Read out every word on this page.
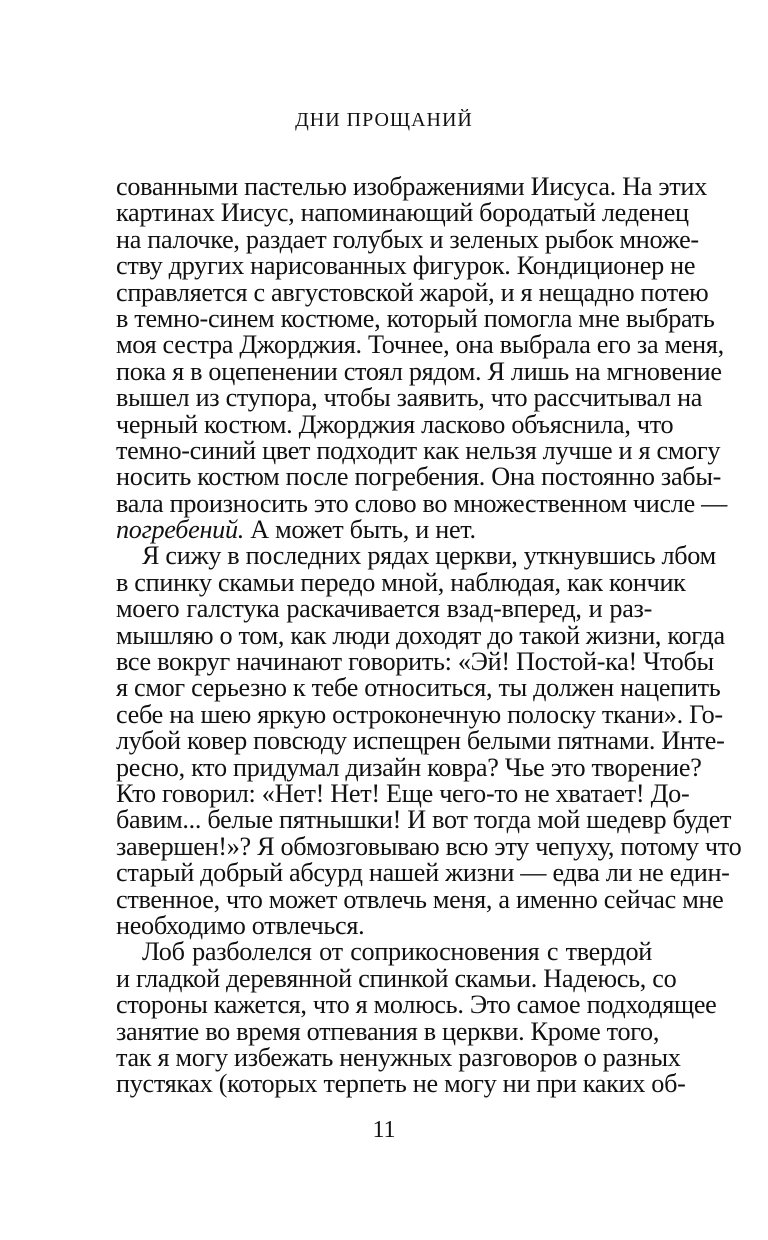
ДНИ ПРОЩАНИЙ
сованными пастелью изображениями Иисуса. На этих
картинах Иисус, напоминающий бородатый леденец
на палочке, раздает голубых и зеленых рыбок множе-
ству других нарисованных фигурок. Кондиционер не
справляется с августовской жарой, и я нещадно потею
в темно-синем костюме, который помогла мне выбрать
моя сестра Джорджия. Точнее, она выбрала его за меня,
пока я в оцепенении стоял рядом. Я лишь на мгновение
вышел из ступора, чтобы заявить, что рассчитывал на
черный костюм. Джорджия ласково объяснила, что
темно-синий цвет подходит как нельзя лучше и я смогу
носить костюм после погребения. Она постоянно забы-
вала произносить это слово во множественном числе —
погребений. А может быть, и нет.
Я сижу в последних рядах церкви, уткнувшись лбом
в спинку скамьи передо мной, наблюдая, как кончик
моего галстука раскачивается взад-вперед, и раз-
мышляю о том, как люди доходят до такой жизни, когда
все вокруг начинают говорить: «Эй! Постой-ка! Чтобы
я смог серьезно к тебе относиться, ты должен нацепить
себе на шею яркую остроконечную полоску ткани». Го-
лубой ковер повсюду испещрен белыми пятнами. Инте-
ресно, кто придумал дизайн ковра? Чье это творение?
Кто говорил: «Нет! Нет! Еще чего-то не хватает! До-
бавим... белые пятнышки! И вот тогда мой шедевр будет
завершен!»? Я обмозговываю всю эту чепуху, потому что
старый добрый абсурд нашей жизни — едва ли не един-
ственное, что может отвлечь меня, а именно сейчас мне
необходимо отвлечься.
Лоб разболелся от соприкосновения с твердой
и гладкой деревянной спинкой скамьи. Надеюсь, со
стороны кажется, что я молюсь. Это самое подходящее
занятие во время отпевания в церкви. Кроме того,
так я могу избежать ненужных разговоров о разных
пустяках (которых терпеть не могу ни при каких об-
11
